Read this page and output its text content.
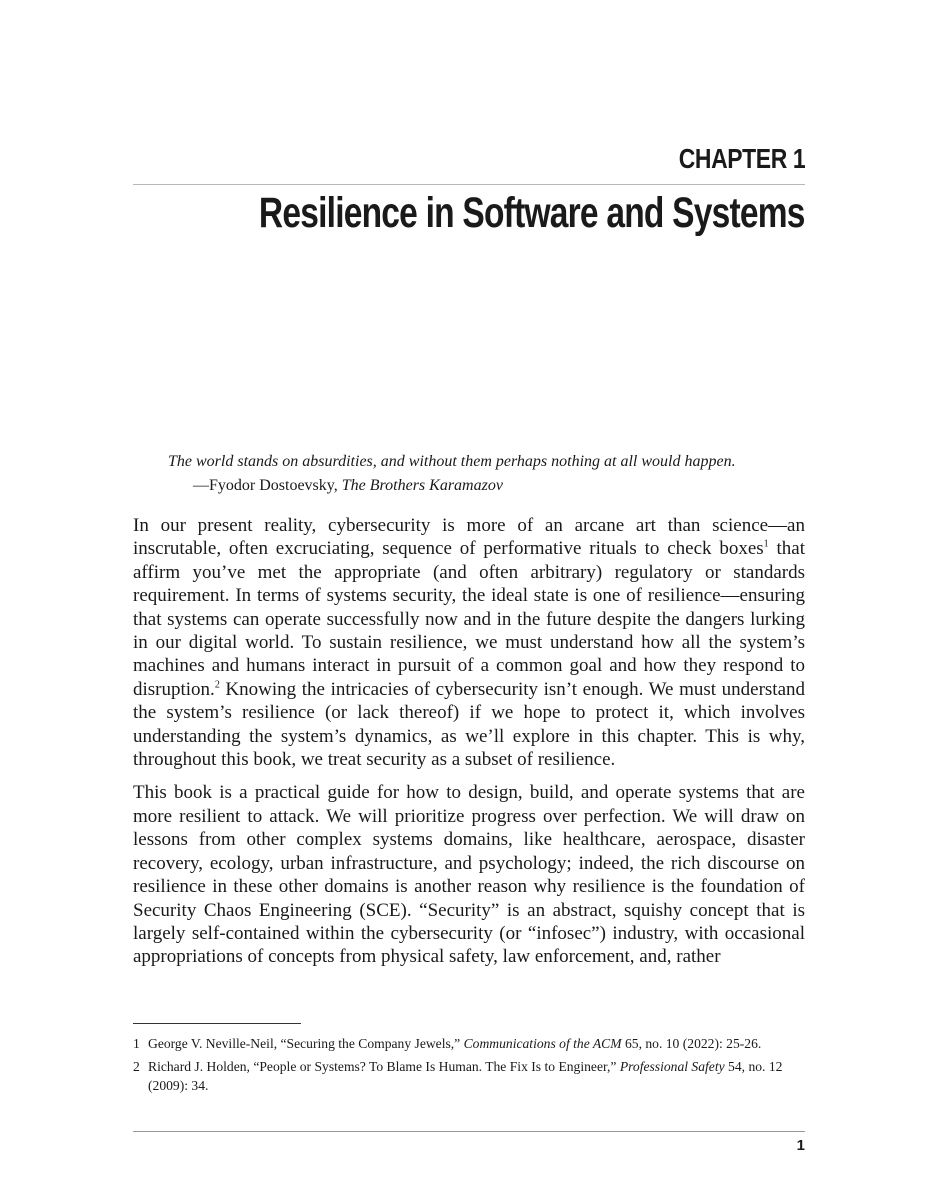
CHAPTER 1
Resilience in Software and Systems
The world stands on absurdities, and without them perhaps nothing at all would happen.
—Fyodor Dostoevsky, The Brothers Karamazov

In our present reality, cybersecurity is more of an arcane art than science—an inscrutable, often excruciating, sequence of performative rituals to check boxes$^1$ that affirm you’ve met the appropriate (and often arbitrary) regulatory or standards requirement. In terms of systems security, the ideal state is one of resilience—ensuring that systems can operate successfully now and in the future despite the dangers lurking in our digital world. To sustain resilience, we must understand how all the system’s machines and humans interact in pursuit of a common goal and how they respond to disruption.$^2$ Knowing the intricacies of cybersecurity isn’t enough. We must understand the system’s resilience (or lack thereof) if we hope to protect it, which involves understanding the system’s dynamics, as we’ll explore in this chapter. This is why, throughout this book, we treat security as a subset of resilience.

This book is a practical guide for how to design, build, and operate systems that are more resilient to attack. We will prioritize progress over perfection. We will draw on lessons from other complex systems domains, like healthcare, aerospace, disaster recovery, ecology, urban infrastructure, and psychology; indeed, the rich discourse on resilience in these other domains is another reason why resilience is the foundation of Security Chaos Engineering (SCE). “Security” is an abstract, squishy concept that is largely self-contained within the cybersecurity (or “infosec”) industry, with occasional appropriations of concepts from physical safety, law enforcement, and, rather

1 George V. Neville-Neil, “Securing the Company Jewels,” Communications of the ACM 65, no. 10 (2022): 25-26.
2 Richard J. Holden, “People or Systems? To Blame Is Human. The Fix Is to Engineer,” Professional Safety 54, no. 12 (2009): 34.
1
